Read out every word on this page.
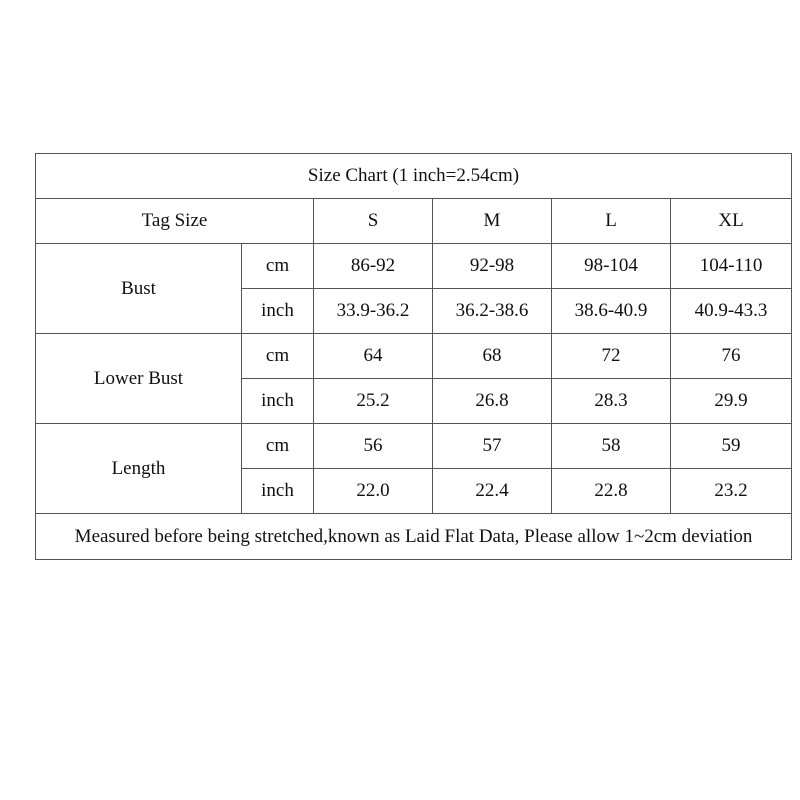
Size Chart (1 inch=2.54cm)					
Tag Size		S	M	L	XL
Bust	cm	86-92	92-98	98-104	104-110
	inch	33.9-36.2	36.2-38.6	38.6-40.9	40.9-43.3
Lower Bust	cm	64	68	72	76
	inch	25.2	26.8	28.3	29.9
Length	cm	56	57	58	59
	inch	22.0	22.4	22.8	23.2
Measured before being stretched,known as Laid Flat Data, Please allow 1~2cm deviation					
